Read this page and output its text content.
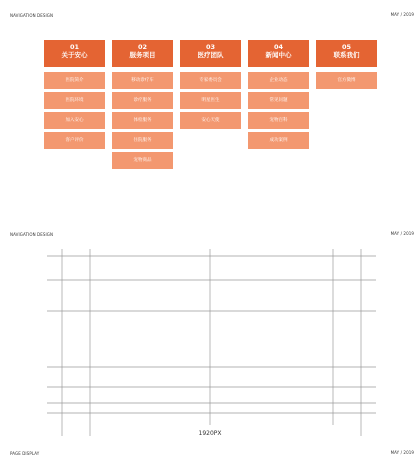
NAVIGATION DESIGN	MAY / 2019
01
关于安心
医院简介
医院环境
加入安心
客户评价
02
服务项目
移动诊疗车
诊疗服务
体检服务
住院服务
宠物商品
03
医疗团队
专家委员会
明星医生
安心天使
04
新闻中心
企业动态
常见问题
宠物百科
成功案例
05
联系我们
官方微博
NAVIGATION DESIGN	MAY / 2019
1920PX
PAGE DISPLAY	MAY / 2019
